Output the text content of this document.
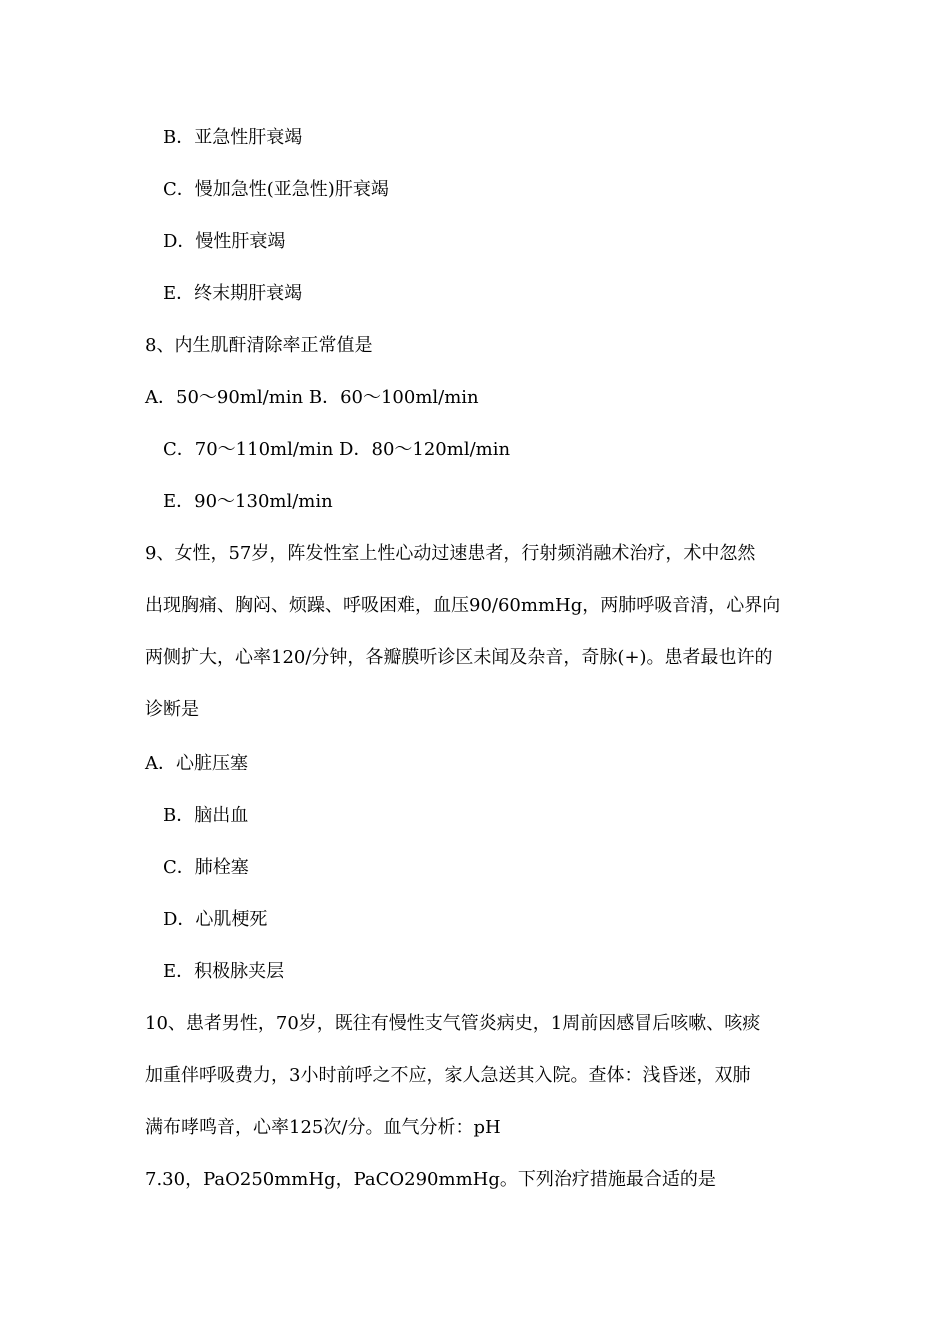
B．亚急性肝衰竭
C．慢加急性(亚急性)肝衰竭
D．慢性肝衰竭
E．终末期肝衰竭
8、内生肌酐清除率正常值是
A．50～90ml/min B．60～100ml/min
C．70～110ml/min D．80～120ml/min
E．90～130ml/min
9、女性，57岁，阵发性室上性心动过速患者，行射频消融术治疗，术中忽然
出现胸痛、胸闷、烦躁、呼吸困难，血压90/60mmHg，两肺呼吸音清，心界向
两侧扩大，心率120/分钟，各瓣膜听诊区未闻及杂音，奇脉(+)。患者最也许的
诊断是
A．心脏压塞
B．脑出血
C．肺栓塞
D．心肌梗死
E．积极脉夹层
10、患者男性，70岁，既往有慢性支气管炎病史，1周前因感冒后咳嗽、咳痰
加重伴呼吸费力，3小时前呼之不应，家人急送其入院。查体：浅昏迷，双肺
满布哮鸣音，心率125次/分。血气分析：pH
7.30，PaO250mmHg，PaCO290mmHg。下列治疗措施最合适的是
